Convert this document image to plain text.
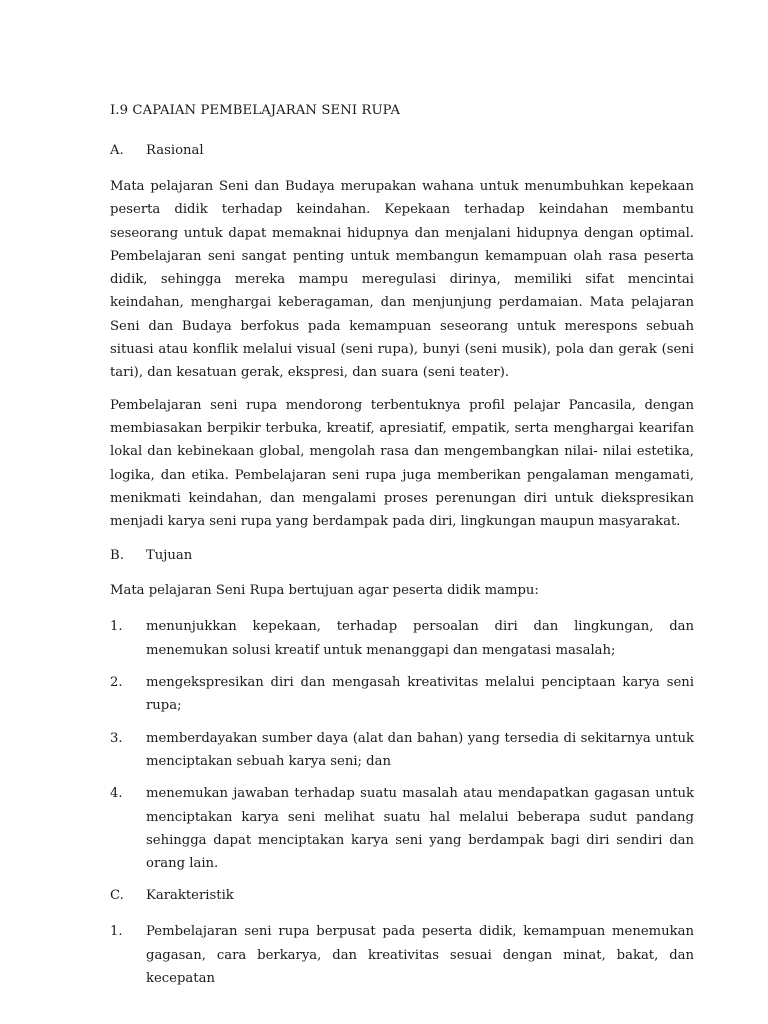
I.9 CAPAIAN PEMBELAJARAN SENI RUPA
A.	Rasional

Mata pelajaran Seni dan Budaya merupakan wahana untuk menumbuhkan kepekaan peserta didik terhadap keindahan. Kepekaan terhadap keindahan membantu seseorang untuk dapat memaknai hidupnya dan menjalani hidupnya dengan optimal. Pembelajaran seni sangat penting untuk membangun kemampuan olah rasa peserta didik, sehingga mereka mampu meregulasi dirinya, memiliki sifat mencintai keindahan, menghargai keberagaman, dan menjunjung perdamaian. Mata pelajaran Seni dan Budaya berfokus pada kemampuan seseorang untuk merespons sebuah situasi atau konflik melalui visual (seni rupa), bunyi (seni musik), pola dan gerak (seni tari), dan kesatuan gerak, ekspresi, dan suara (seni teater).

Pembelajaran seni rupa mendorong terbentuknya profil pelajar Pancasila, dengan membiasakan berpikir terbuka, kreatif, apresiatif, empatik, serta menghargai kearifan lokal dan kebinekaan global, mengolah rasa dan mengembangkan nilai- nilai estetika, logika, dan etika. Pembelajaran seni rupa juga memberikan pengalaman mengamati, menikmati keindahan, dan mengalami proses perenungan diri untuk diekspresikan menjadi karya seni rupa yang berdampak pada diri, lingkungan maupun masyarakat.

B.	Tujuan

Mata pelajaran Seni Rupa bertujuan agar peserta didik mampu:

1.	menunjukkan kepekaan, terhadap persoalan diri dan lingkungan, dan menemukan solusi kreatif untuk menanggapi dan mengatasi masalah;
2.	mengekspresikan diri dan mengasah kreativitas melalui penciptaan karya seni rupa;
3.	memberdayakan sumber daya (alat dan bahan) yang tersedia di sekitarnya untuk menciptakan sebuah karya seni; dan
4.	menemukan jawaban terhadap suatu masalah atau mendapatkan gagasan untuk menciptakan karya seni melihat suatu hal melalui beberapa sudut pandang sehingga dapat menciptakan karya seni yang berdampak bagi diri sendiri dan orang lain.
C.	Karakteristik
1.	Pembelajaran seni rupa berpusat pada peserta didik, kemampuan menemukan gagasan, cara berkarya, dan kreativitas sesuai dengan minat, bakat, dan kecepatan
